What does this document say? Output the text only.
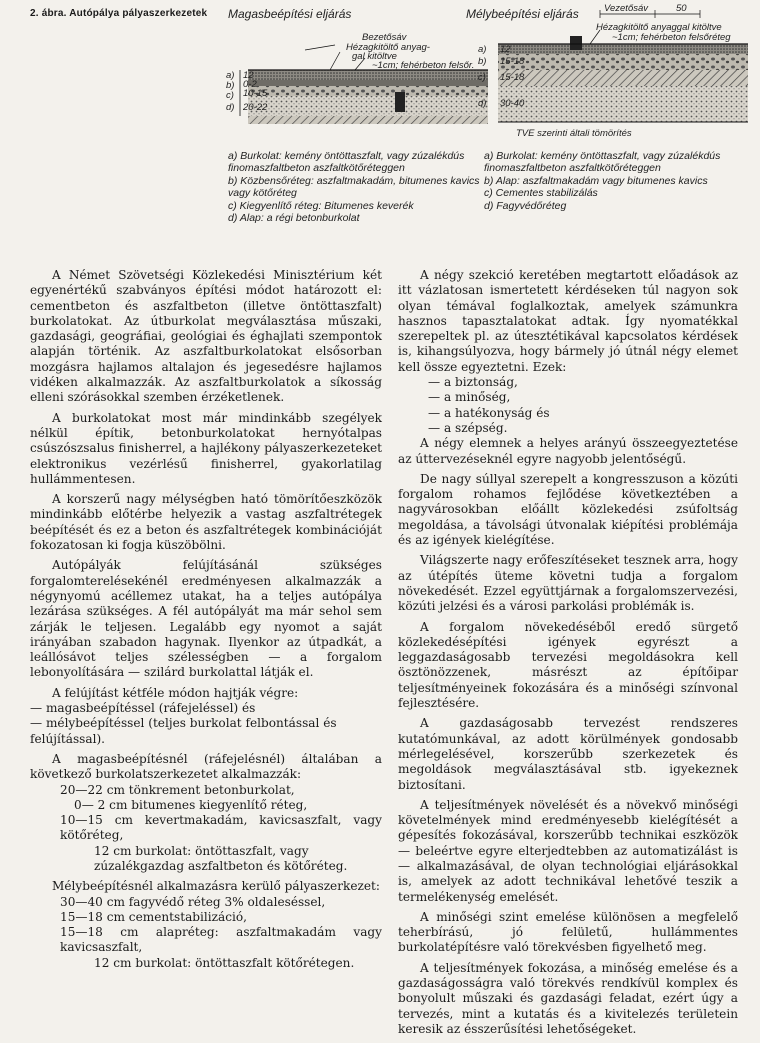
2. ábra. Autópálya pályaszerkezetek Magasbeépítési eljárás
Bezetősáv
Hézagkitöltő anyag-
gal kitöltve
~1cm; fehérbeton felsőr.
a)
b)
c)
d)
12
0-2
10-15
20-22
Mélybeépítési eljárás	Vezetősáv	50
Hézagkitöltő anyaggal kitöltve
~1cm; fehérbeton felsőréteg
a)
b)
c)
d)
12
15-18
15-18
30-40
TVE szerinti általi tömörítés

a) Burkolat: kemény öntöttaszfalt, vagy zúzalékdús finomaszfaltbeton aszfaltkötőréteggen

b) Közbensőréteg: aszfaltmakadám, bitumenes kavics vagy kötőréteg

c) Kiegyenlítő réteg: Bitumenes keverék

d) Alap: a régi betonburkolat

a) Burkolat: kemény öntöttaszfalt, vagy zúzalékdús finomaszfaltbeton aszfaltkötőréteggen

b) Alap: aszfaltmakadám vagy bitumenes kavics

c) Cementes stabilizálás

d) Fagyvédőréteg

A Német Szövetségi Közlekedési Minisztérium két egyenértékű szabványos építési módot határozott el: cementbeton és aszfaltbeton (illetve öntöttaszfalt) burkolatokat. Az útburkolat megválasztása műszaki, gazdasági, geográfiai, geológiai és éghajlati szempontok alapján történik. Az aszfaltburkolatokat elsősorban mozgásra hajlamos altalajon és jegesedésre hajlamos vidéken alkalmazzák. Az aszfaltburkolatok a síkosság elleni szórásokkal szemben érzéketlenek.

A burkolatokat most már mindinkább szegélyek nélkül építik, betonburkolatokat hernyótalpas csúszószsalus finisherrel, a hajlékony pályaszerkezeteket elektronikus vezérlésű finisherrel, gyakorlatilag hullámmentesen.

A korszerű nagy mélységben ható tömörítőeszközök mindinkább előtérbe helyezik a vastag aszfaltrétegek beépítését és ez a beton és aszfaltrétegek kombinációját fokozatosan ki fogja küszöbölni.

Autópályák felújításánál szükséges forgalomterelésekénél eredményesen alkalmazzák a négynyomú acéllemez utakat, ha a teljes autópálya lezárása szükséges. A fél autópályát ma már sehol sem zárják le teljesen. Legalább egy nyomot a saját irányában szabadon hagynak. Ilyenkor az útpadkát, a leállósávot teljes szélességben — a forgalom lebonyolítására — szilárd burkolattal látják el.

A felújítást kétféle módon hajtják végre:

— magasbeépítéssel (ráfejeléssel) és
— mélybeépítéssel (teljes burkolat felbontással és felújítással).

A magasbeépítésnél (ráfejelésnél) általában a következő burkolatszerkezetet alkalmazzák:

20—22 cm tönkrement betonburkolat,
0— 2 cm bitumenes kiegyenlítő réteg,
10—15 cm kevertmakadám, kavicsaszfalt, vagy kötőréteg,
12 cm burkolat: öntöttaszfalt, vagy zúzalékgazdag aszfaltbeton és kötőréteg.

Mélybeépítésnél alkalmazásra kerülő pályaszerkezet:

30—40 cm fagyvédő réteg 3% oldaleséssel,
15—18 cm cementstabilizáció,
15—18 cm alapréteg: aszfaltmakadám vagy kavicsaszfalt,
12 cm burkolat: öntöttaszfalt kötőrétegen.

A négy szekció keretében megtartott előadások az itt vázlatosan ismertetett kérdéseken túl nagyon sok olyan témával foglalkoztak, amelyek számunkra hasznos tapasztalatokat adtak. Így nyomatékkal szerepeltek pl. az útesztétikával kapcsolatos kérdések is, kihangsúlyozva, hogy bármely jó útnál négy elemet kell össze egyeztetni. Ezek:

— a biztonság,
— a minőség,
— a hatékonyság és
— a szépség.

A négy elemnek a helyes arányú összeegyeztetése az úttervezéseknél egyre nagyobb jelentőségű.

De nagy súllyal szerepelt a kongresszuson a közúti forgalom rohamos fejlődése következtében a nagyvárosokban előállt közlekedési zsúfoltság megoldása, a távolsági útvonalak kiépítési problémája és az igények kielégítése.

Világszerte nagy erőfeszítéseket tesznek arra, hogy az útépítés üteme követni tudja a forgalom növekedését. Ezzel együttjárnak a forgalomszervezési, közúti jelzési és a városi parkolási problémák is.

A forgalom növekedéséből eredő sürgető közlekedésépítési igények egyrészt a leggazdaságosabb tervezési megoldásokra kell ösztönözzenek, másrészt az építőipar teljesítményeinek fokozására és a minőségi színvonal fejlesztésére.

A gazdaságosabb tervezést rendszeres kutatómunkával, az adott körülmények gondosabb mérlegelésével, korszerűbb szerkezetek és megoldások megválasztásával stb. igyekeznek biztosítani.

A teljesítmények növelését és a növekvő minőségi követelmények mind eredményesebb kielégítését a gépesítés fokozásával, korszerűbb technikai eszközök — beleértve egyre elterjedtebben az automatizálást is — alkalmazásával, de olyan technológiai eljárásokkal is, amelyek az adott technikával lehetővé teszik a termelékenység emelését.

A minőségi szint emelése különösen a megfelelő teherbírású, jó felületű, hullámmentes burkolatépítésre való törekvésben figyelhető meg.

A teljesítmények fokozása, a minőség emelése és a gazdaságosságra való törekvés rendkívül komplex és bonyolult műszaki és gazdasági feladat, ezért úgy a tervezés, mint a kutatás és a kivitelezés területein keresik az ésszerűsítési lehetőségeket.
